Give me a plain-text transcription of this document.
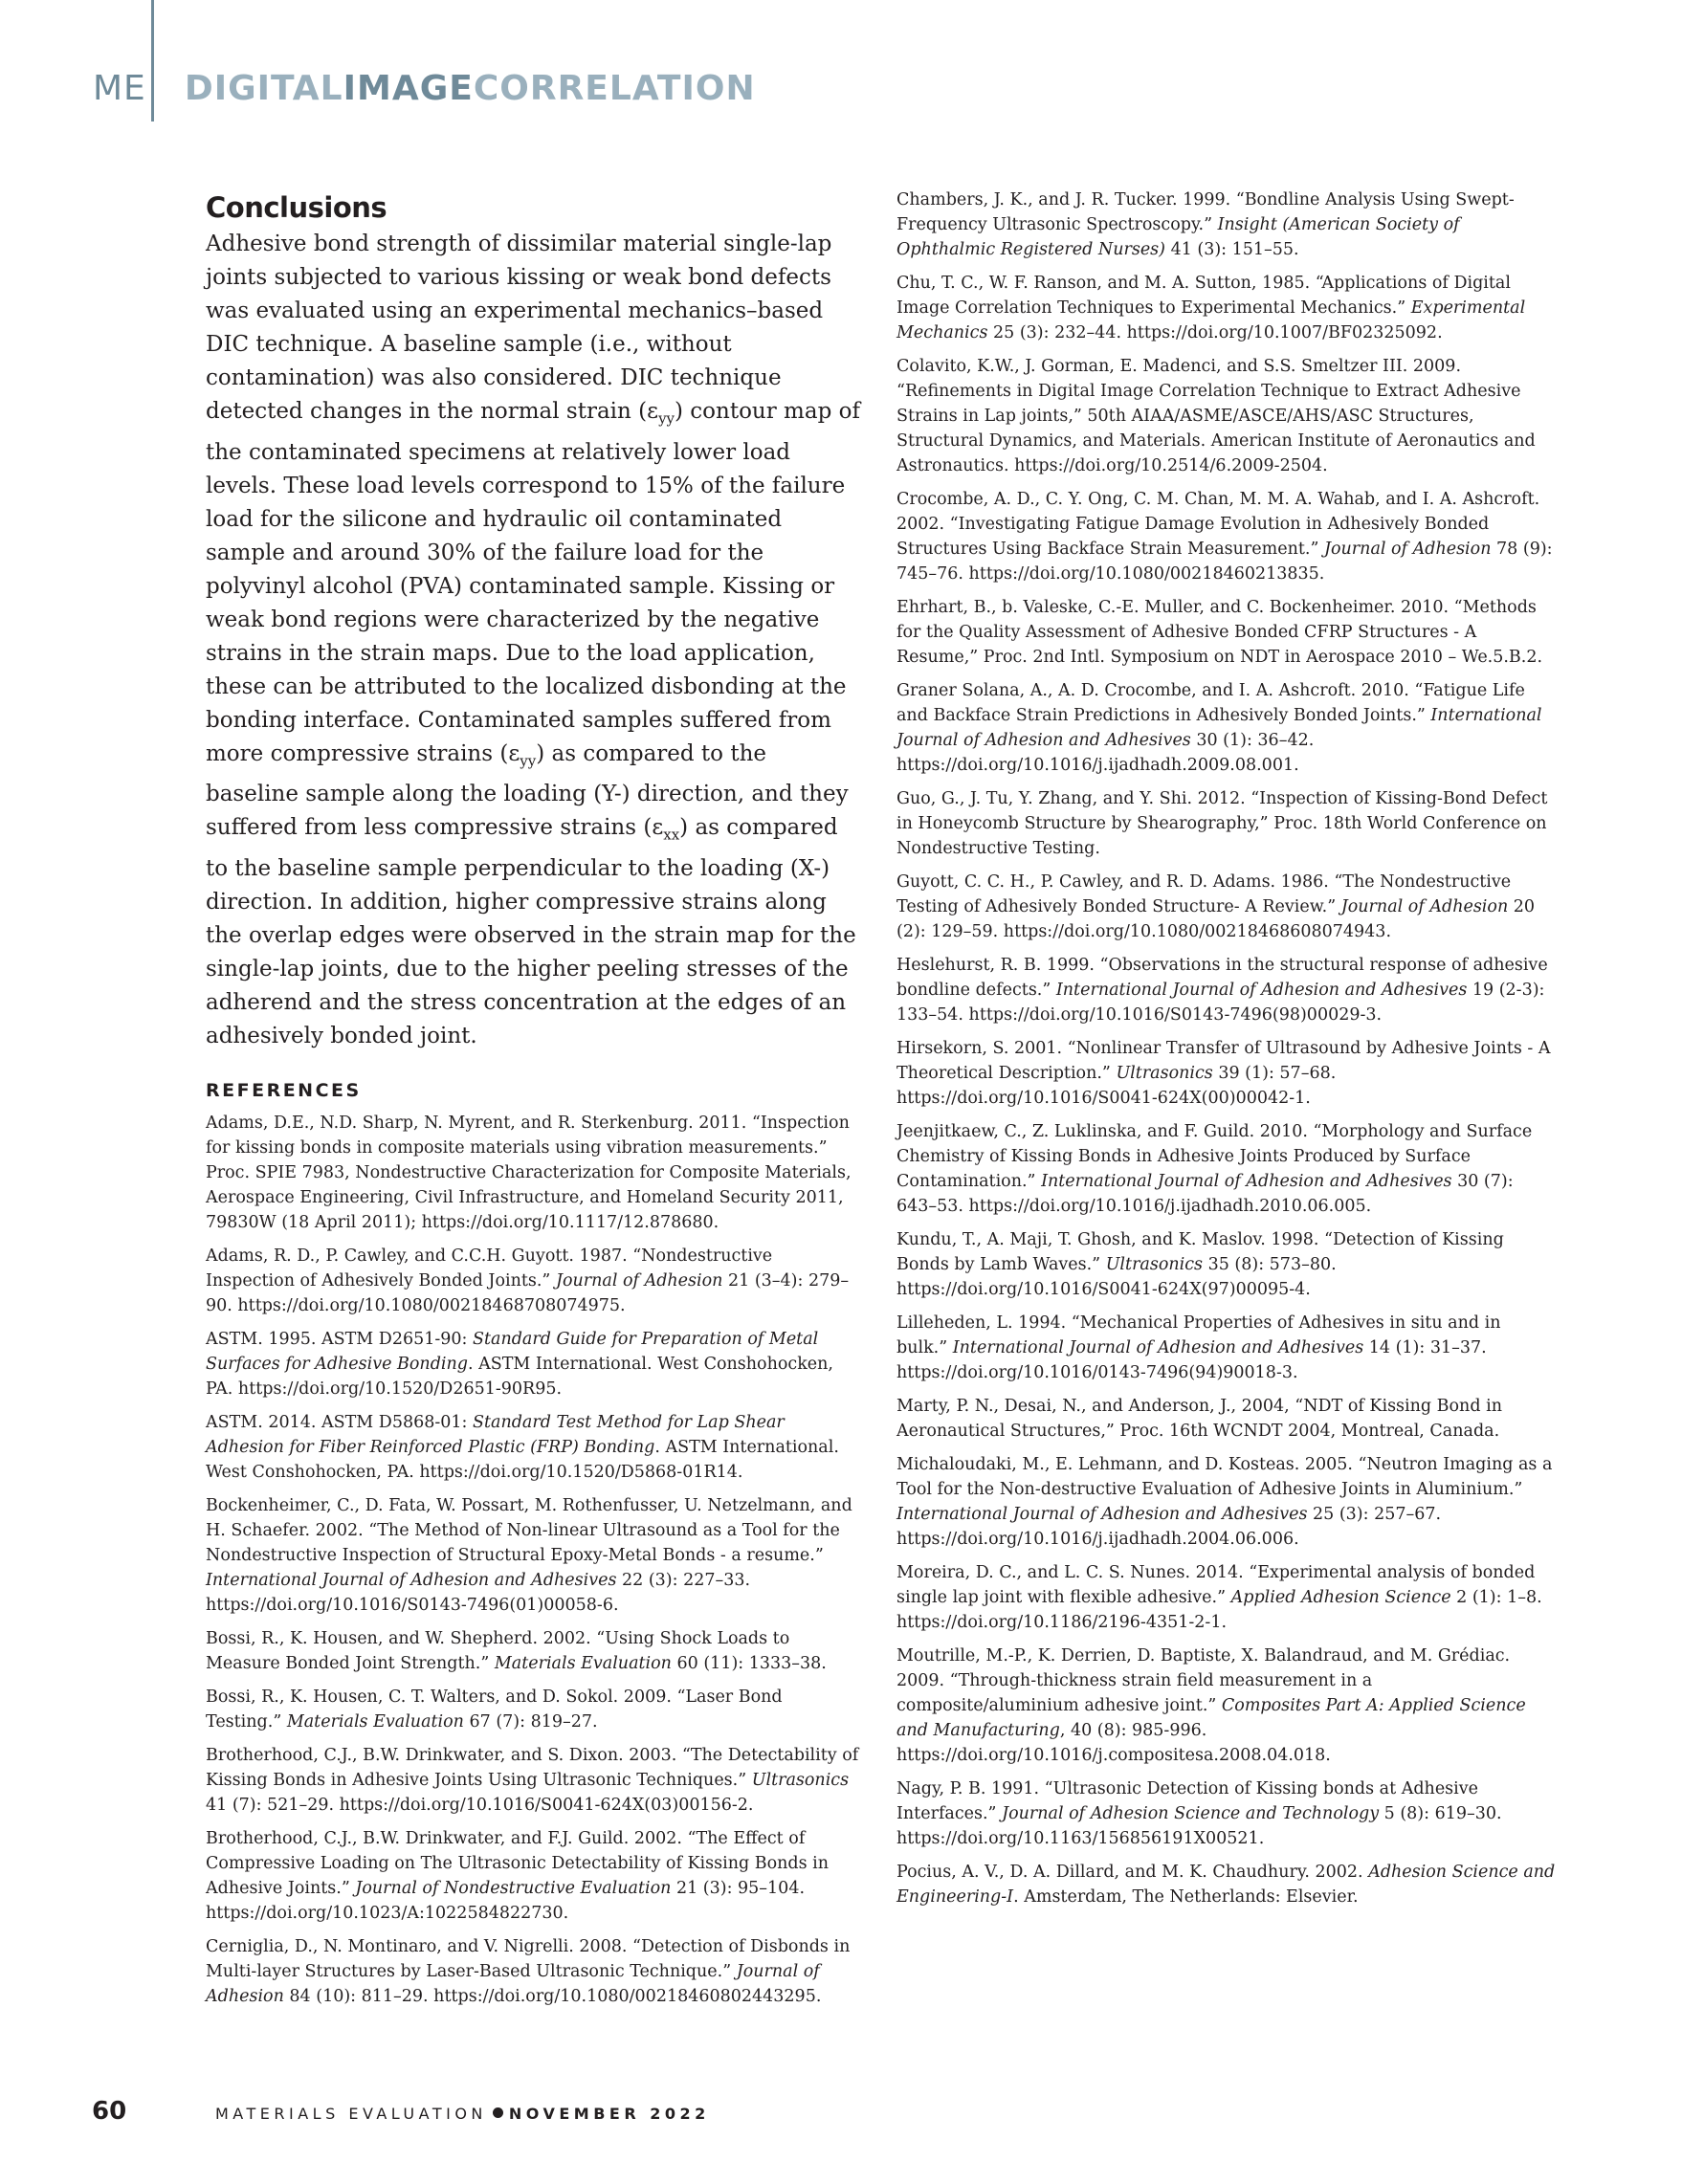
ME DIGITALIMAGECORRELATION
Conclusions

Adhesive bond strength of dissimilar material single-lap joints subjected to various kissing or weak bond defects was evaluated using an experimental mechanics–based DIC technique. A baseline sample (i.e., without contamination) was also considered. DIC technique detected changes in the normal strain $(\varepsilon_{yy})$ contour map of the contaminated specimens at relatively lower load levels. These load levels correspond to 15% of the failure load for the silicone and hydraulic oil contaminated sample and around 30% of the failure load for the polyvinyl alcohol (PVA) contaminated sample. Kissing or weak bond regions were characterized by the negative strains in the strain maps. Due to the load application, these can be attributed to the localized disbonding at the bonding interface. Contaminated samples suffered from more compressive strains $(\varepsilon_{yy})$ as compared to the baseline sample along the loading (Y-) direction, and they suffered from less compressive strains $(\varepsilon_{xx})$ as compared to the baseline sample perpendicular to the loading (X-) direction. In addition, higher compressive strains along the overlap edges were observed in the strain map for the single-lap joints, due to the higher peeling stresses of the adherend and the stress concentration at the edges of an adhesively bonded joint.

REFERENCES

Adams, D.E., N.D. Sharp, N. Myrent, and R. Sterkenburg. 2011. “Inspection for kissing bonds in composite materials using vibration measurements.” Proc. SPIE 7983, Nondestructive Characterization for Composite Materials, Aerospace Engineering, Civil Infrastructure, and Homeland Security 2011, 79830W (18 April 2011); https://doi.org/10.1117/12.878680.

Adams, R. D., P. Cawley, and C.C.H. Guyott. 1987. “Nondestructive Inspection of Adhesively Bonded Joints.” Journal of Adhesion 21 (3–4): 279–90. https://doi.org/10.1080/00218468708074975.

ASTM. 1995. ASTM D2651-90: Standard Guide for Preparation of Metal Surfaces for Adhesive Bonding. ASTM International. West Conshohocken, PA. https://doi.org/10.1520/D2651-90R95.

ASTM. 2014. ASTM D5868-01: Standard Test Method for Lap Shear Adhesion for Fiber Reinforced Plastic (FRP) Bonding. ASTM International. West Conshohocken, PA. https://doi.org/10.1520/D5868-01R14.

Bockenheimer, C., D. Fata, W. Possart, M. Rothenfusser, U. Netzelmann, and H. Schaefer. 2002. “The Method of Non-linear Ultrasound as a Tool for the Nondestructive Inspection of Structural Epoxy-Metal Bonds - a resume.” International Journal of Adhesion and Adhesives 22 (3): 227–33. https://doi.org/10.1016/S0143-7496(01)00058-6.

Bossi, R., K. Housen, and W. Shepherd. 2002. “Using Shock Loads to Measure Bonded Joint Strength.” Materials Evaluation 60 (11): 1333–38.

Bossi, R., K. Housen, C. T. Walters, and D. Sokol. 2009. “Laser Bond Testing.” Materials Evaluation 67 (7): 819–27.

Brotherhood, C.J., B.W. Drinkwater, and S. Dixon. 2003. “The Detectability of Kissing Bonds in Adhesive Joints Using Ultrasonic Techniques.” Ultrasonics 41 (7): 521–29. https://doi.org/10.1016/S0041-624X(03)00156-2.

Brotherhood, C.J., B.W. Drinkwater, and F.J. Guild. 2002. “The Effect of Compressive Loading on The Ultrasonic Detectability of Kissing Bonds in Adhesive Joints.” Journal of Nondestructive Evaluation 21 (3): 95–104. https://doi.org/10.1023/A:1022584822730.

Cerniglia, D., N. Montinaro, and V. Nigrelli. 2008. “Detection of Disbonds in Multi-layer Structures by Laser-Based Ultrasonic Technique.” Journal of Adhesion 84 (10): 811–29. https://doi.org/10.1080/00218460802443295.

Chambers, J. K., and J. R. Tucker. 1999. “Bondline Analysis Using Swept-Frequency Ultrasonic Spectroscopy.” Insight (American Society of Ophthalmic Registered Nurses) 41 (3): 151–55.

Chu, T. C., W. F. Ranson, and M. A. Sutton, 1985. “Applications of Digital Image Correlation Techniques to Experimental Mechanics.” Experimental Mechanics 25 (3): 232–44. https://doi.org/10.1007/BF02325092.

Colavito, K.W., J. Gorman, E. Madenci, and S.S. Smeltzer III. 2009. “Refinements in Digital Image Correlation Technique to Extract Adhesive Strains in Lap joints,” 50th AIAA/ASME/ASCE/AHS/ASC Structures, Structural Dynamics, and Materials. American Institute of Aeronautics and Astronautics. https://doi.org/10.2514/6.2009-2504.

Crocombe, A. D., C. Y. Ong, C. M. Chan, M. M. A. Wahab, and I. A. Ashcroft. 2002. “Investigating Fatigue Damage Evolution in Adhesively Bonded Structures Using Backface Strain Measurement.” Journal of Adhesion 78 (9): 745–76. https://doi.org/10.1080/00218460213835.

Ehrhart, B., b. Valeske, C.-E. Muller, and C. Bockenheimer. 2010. “Methods for the Quality Assessment of Adhesive Bonded CFRP Structures - A Resume,” Proc. 2nd Intl. Symposium on NDT in Aerospace 2010 – We.5.B.2.

Graner Solana, A., A. D. Crocombe, and I. A. Ashcroft. 2010. “Fatigue Life and Backface Strain Predictions in Adhesively Bonded Joints.” International Journal of Adhesion and Adhesives 30 (1): 36–42. https://doi.org/10.1016/j.ijadhadh.2009.08.001.

Guo, G., J. Tu, Y. Zhang, and Y. Shi. 2012. “Inspection of Kissing-Bond Defect in Honeycomb Structure by Shearography,” Proc. 18th World Conference on Nondestructive Testing.

Guyott, C. C. H., P. Cawley, and R. D. Adams. 1986. “The Nondestructive Testing of Adhesively Bonded Structure- A Review.” Journal of Adhesion 20 (2): 129–59. https://doi.org/10.1080/00218468608074943.

Heslehurst, R. B. 1999. “Observations in the structural response of adhesive bondline defects.” International Journal of Adhesion and Adhesives 19 (2-3): 133–54. https://doi.org/10.1016/S0143-7496(98)00029-3.

Hirsekorn, S. 2001. “Nonlinear Transfer of Ultrasound by Adhesive Joints - A Theoretical Description.” Ultrasonics 39 (1): 57–68. https://doi.org/10.1016/S0041-624X(00)00042-1.

Jeenjitkaew, C., Z. Luklinska, and F. Guild. 2010. “Morphology and Surface Chemistry of Kissing Bonds in Adhesive Joints Produced by Surface Contamination.” International Journal of Adhesion and Adhesives 30 (7): 643–53. https://doi.org/10.1016/j.ijadhadh.2010.06.005.

Kundu, T., A. Maji, T. Ghosh, and K. Maslov. 1998. “Detection of Kissing Bonds by Lamb Waves.” Ultrasonics 35 (8): 573–80. https://doi.org/10.1016/S0041-624X(97)00095-4.

Lilleheden, L. 1994. “Mechanical Properties of Adhesives in situ and in bulk.” International Journal of Adhesion and Adhesives 14 (1): 31–37. https://doi.org/10.1016/0143-7496(94)90018-3.

Marty, P. N., Desai, N., and Anderson, J., 2004, “NDT of Kissing Bond in Aeronautical Structures,” Proc. 16th WCNDT 2004, Montreal, Canada.

Michaloudaki, M., E. Lehmann, and D. Kosteas. 2005. “Neutron Imaging as a Tool for the Non-destructive Evaluation of Adhesive Joints in Aluminium.” International Journal of Adhesion and Adhesives 25 (3): 257–67. https://doi.org/10.1016/j.ijadhadh.2004.06.006.

Moreira, D. C., and L. C. S. Nunes. 2014. “Experimental analysis of bonded single lap joint with flexible adhesive.” Applied Adhesion Science 2 (1): 1–8. https://doi.org/10.1186/2196-4351-2-1.

Moutrille, M.-P., K. Derrien, D. Baptiste, X. Balandraud, and M. Grédiac. 2009. “Through-thickness strain field measurement in a composite/aluminium adhesive joint.” Composites Part A: Applied Science and Manufacturing, 40 (8): 985-996. https://doi.org/10.1016/j.compositesa.2008.04.018.

Nagy, P. B. 1991. “Ultrasonic Detection of Kissing bonds at Adhesive Interfaces.” Journal of Adhesion Science and Technology 5 (8): 619–30. https://doi.org/10.1163/156856191X00521.

Pocius, A. V., D. A. Dillard, and M. K. Chaudhury. 2002. Adhesion Science and Engineering-I. Amsterdam, The Netherlands: Elsevier.

60	MATERIALS EVALUATION NOVEMBER 2022
